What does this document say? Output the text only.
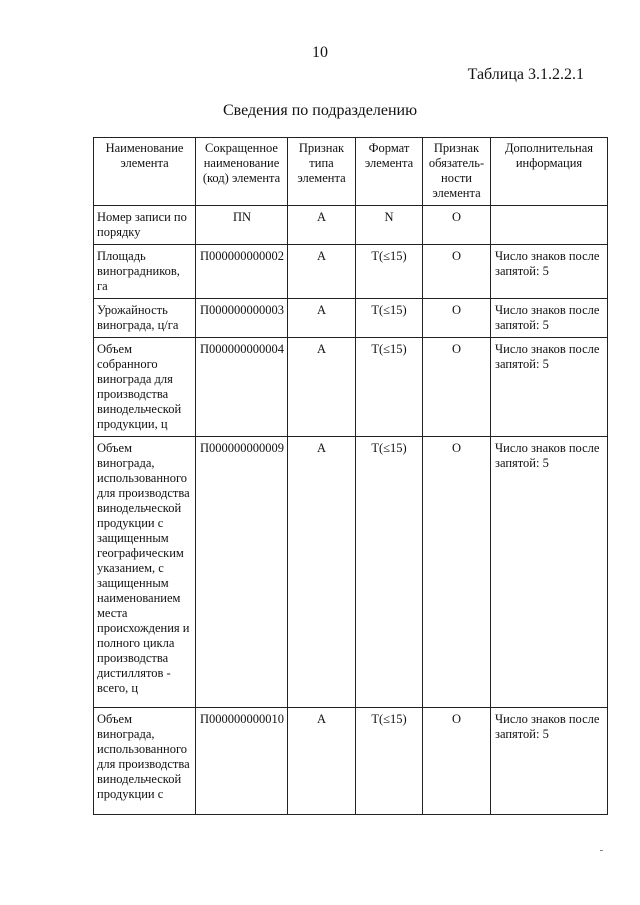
10
Таблица 3.1.2.2.1
Сведения по подразделению
Наименование элемента	Сокращенное наименование (код) элемента	Признак типа элемента	Формат элемента	Признак обязатель-ности элемента	Дополнительная информация
Номер записи по порядку	ПN	А	N	О	
Площадь виноградников, га	П000000000002	А	Т(≤15)	О	Число знаков после запятой: 5
Урожайность винограда, ц/га	П000000000003	А	Т(≤15)	О	Число знаков после запятой: 5
Объем собранного винограда для производства винодельческой продукции, ц	П000000000004	А	Т(≤15)	О	Число знаков после запятой: 5
Объем винограда, использованного для производства винодельческой продукции с защищенным географическим указанием, с защищенным наименованием места происхождения и полного цикла производства дистиллятов - всего, ц	П000000000009	А	Т(≤15)	О	Число знаков после запятой: 5
Объем винограда, использованного для производства винодельческой продукции с	П000000000010	А	Т(≤15)	О	Число знаков после запятой: 5
